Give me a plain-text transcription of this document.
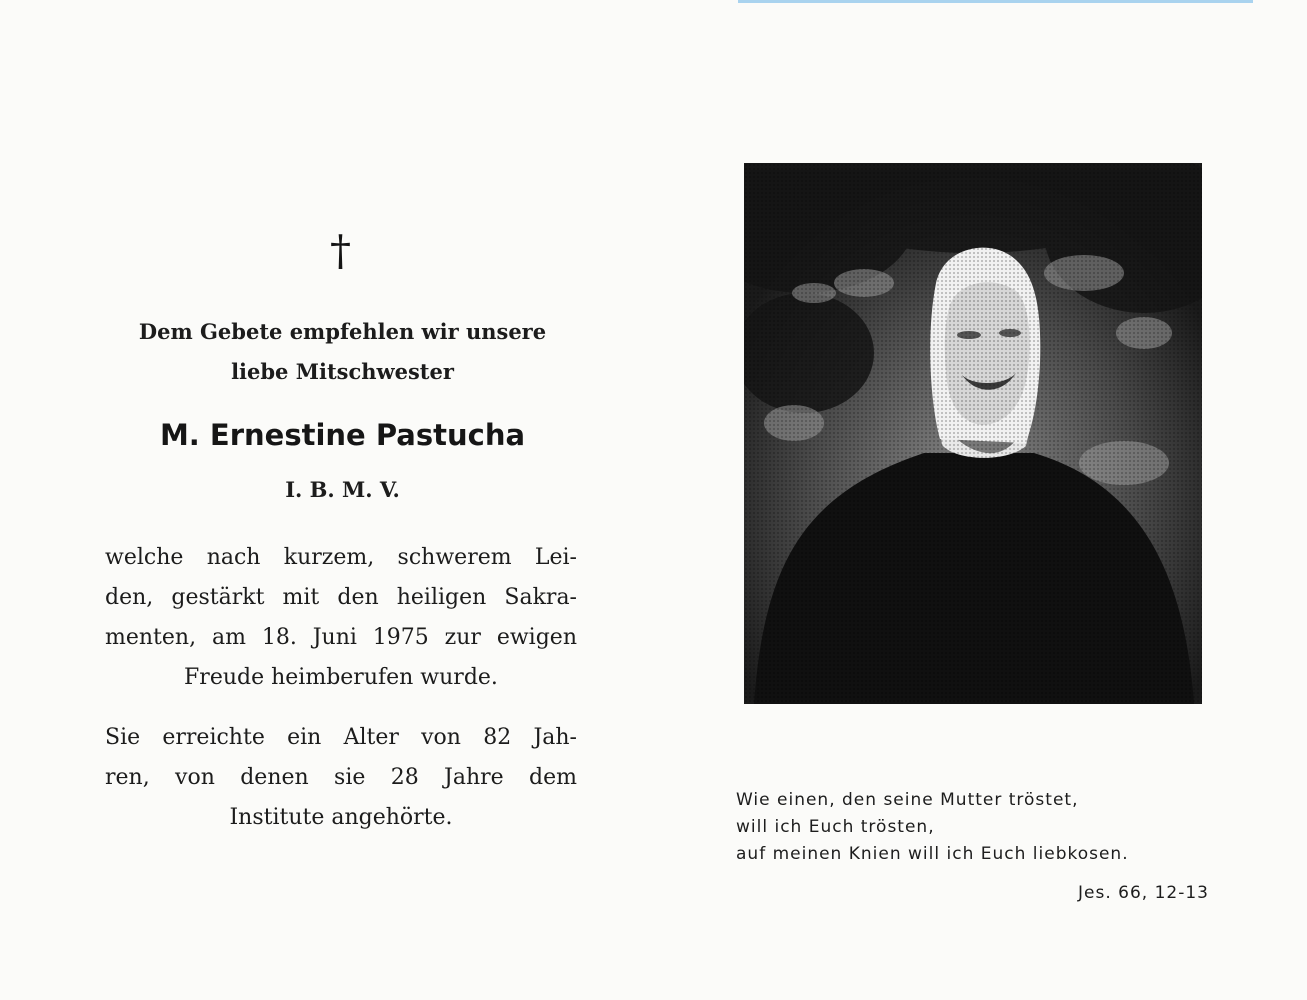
†

Dem Gebete empfehlen wir unsere
liebe Mitschwester

M. Ernestine Pastucha

I. B. M. V.

welche nach kurzem, schwerem Lei-
den, gestärkt mit den heiligen Sakra-
menten, am 18. Juni 1975 zur ewigen
Freude heimberufen wurde.

Sie erreichte ein Alter von 82 Jah-
ren, von denen sie 28 Jahre dem
Institute angehörte.

Wie einen, den seine Mutter tröstet,
will ich Euch trösten,
auf meinen Knien will ich Euch liebkosen.

Jes. 66, 12-13
